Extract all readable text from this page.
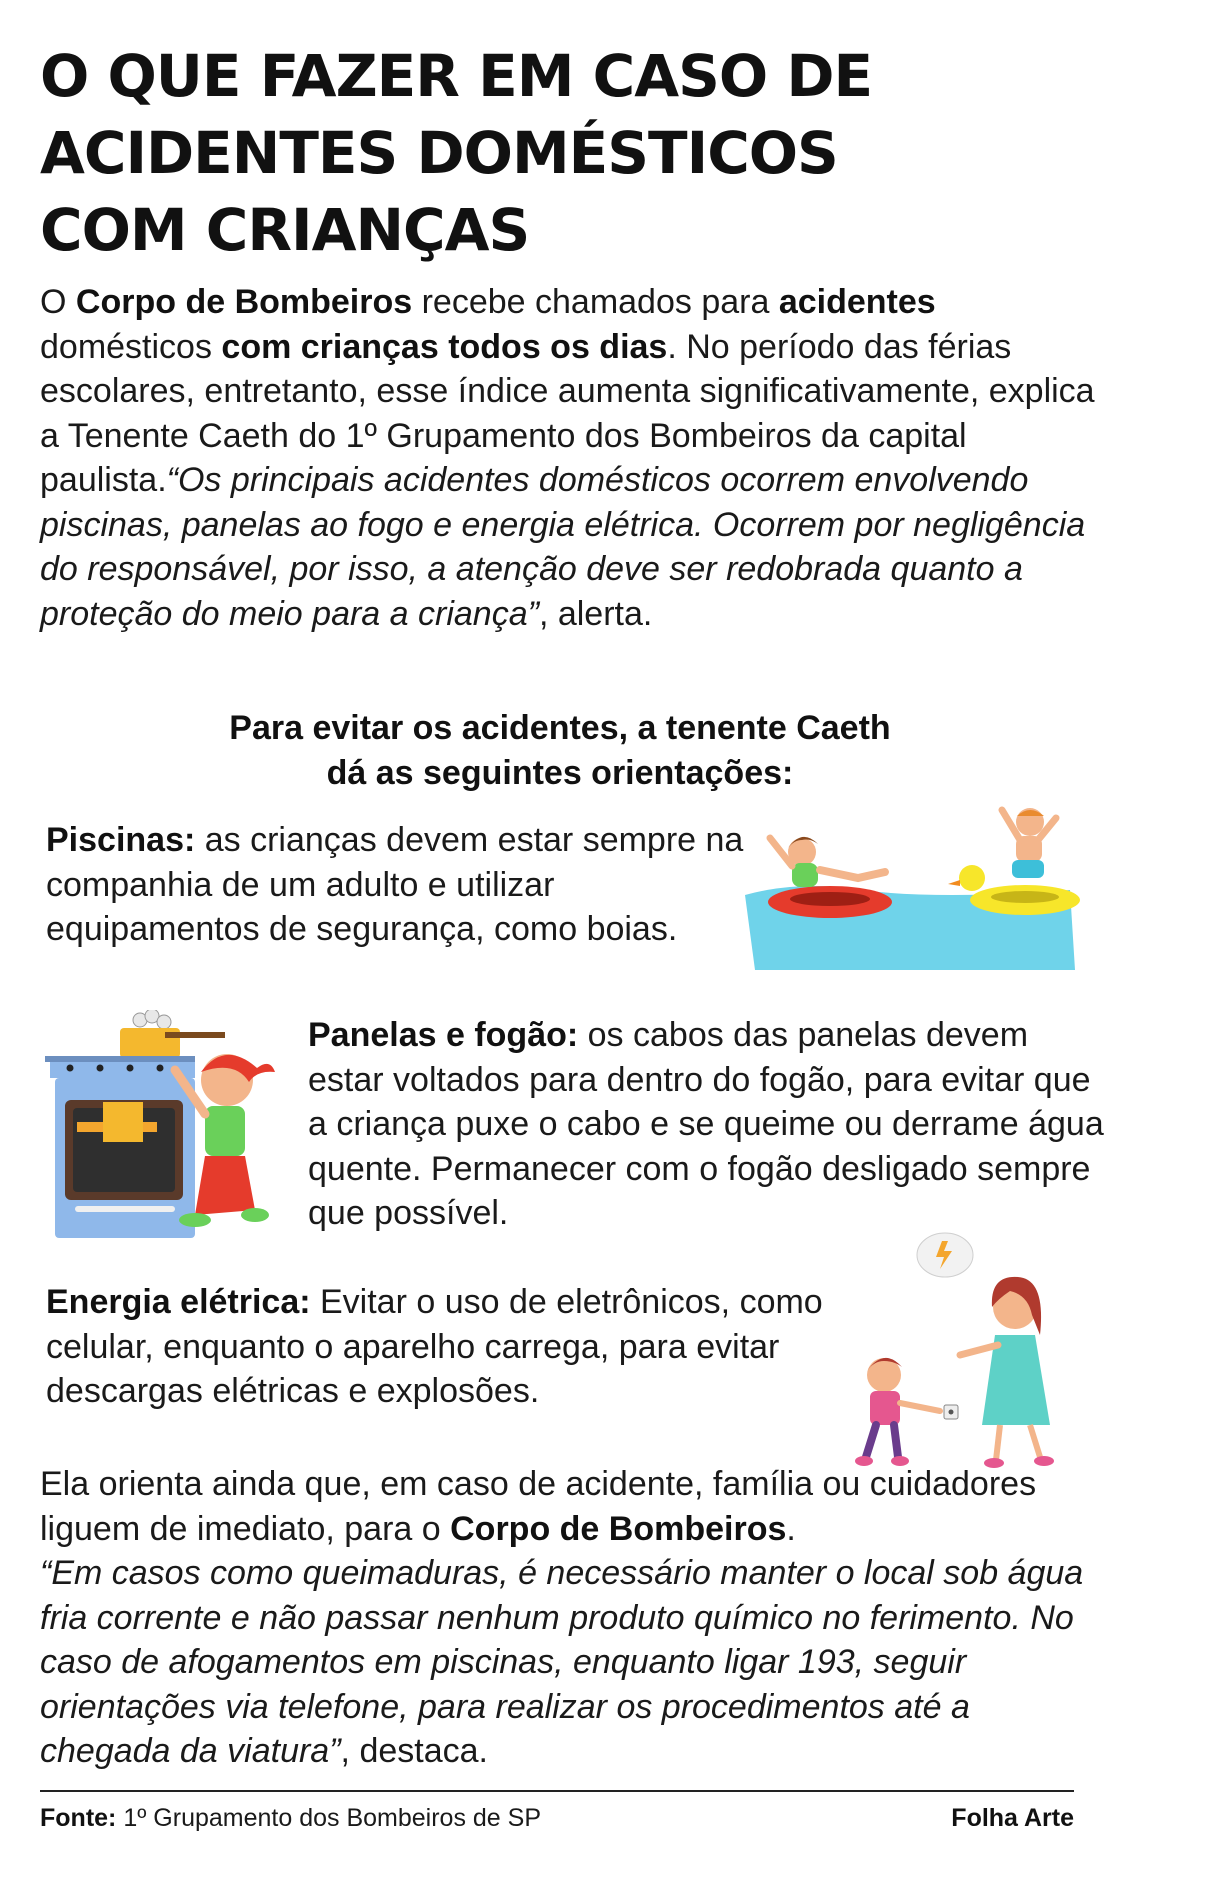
O QUE FAZER EM CASO DE
ACIDENTES DOMÉSTICOS
COM CRIANÇAS
O Corpo de Bombeiros recebe chamados para acidentes domésticos com crianças todos os dias. No período das férias escolares, entretanto, esse índice aumenta significativamente, explica a Tenente Caeth do 1º Grupamento dos Bombeiros da capital paulista.“Os principais acidentes domésticos ocorrem envolvendo piscinas, panelas ao fogo e energia elétrica. Ocorrem por negligência do responsável, por isso, a atenção deve ser redobrada quanto a proteção do meio para a criança”, alerta.
Para evitar os acidentes, a tenente Caeth
dá as seguintes orientações:
Piscinas: as crianças devem estar sempre na companhia de um adulto e utilizar equipamentos de segurança, como boias.
Panelas e fogão: os cabos das panelas devem estar voltados para dentro do fogão, para evitar que a criança puxe o cabo e se queime ou derrame água quente. Permanecer com o fogão desligado sempre que possível.
Energia elétrica: Evitar o uso de eletrônicos, como celular, enquanto o aparelho carrega, para evitar descargas elétricas e explosões.
Ela orienta ainda que, em caso de acidente, família ou cuidadores liguem de imediato, para o Corpo de Bombeiros.
“Em casos como queimaduras, é necessário manter o local sob água fria corrente e não passar nenhum produto químico no ferimento. No caso de afogamentos em piscinas, enquanto ligar 193, seguir orientações via telefone, para realizar os procedimentos até a chegada da viatura”, destaca.
Fonte: 1º Grupamento dos Bombeiros de SP	Folha Arte
